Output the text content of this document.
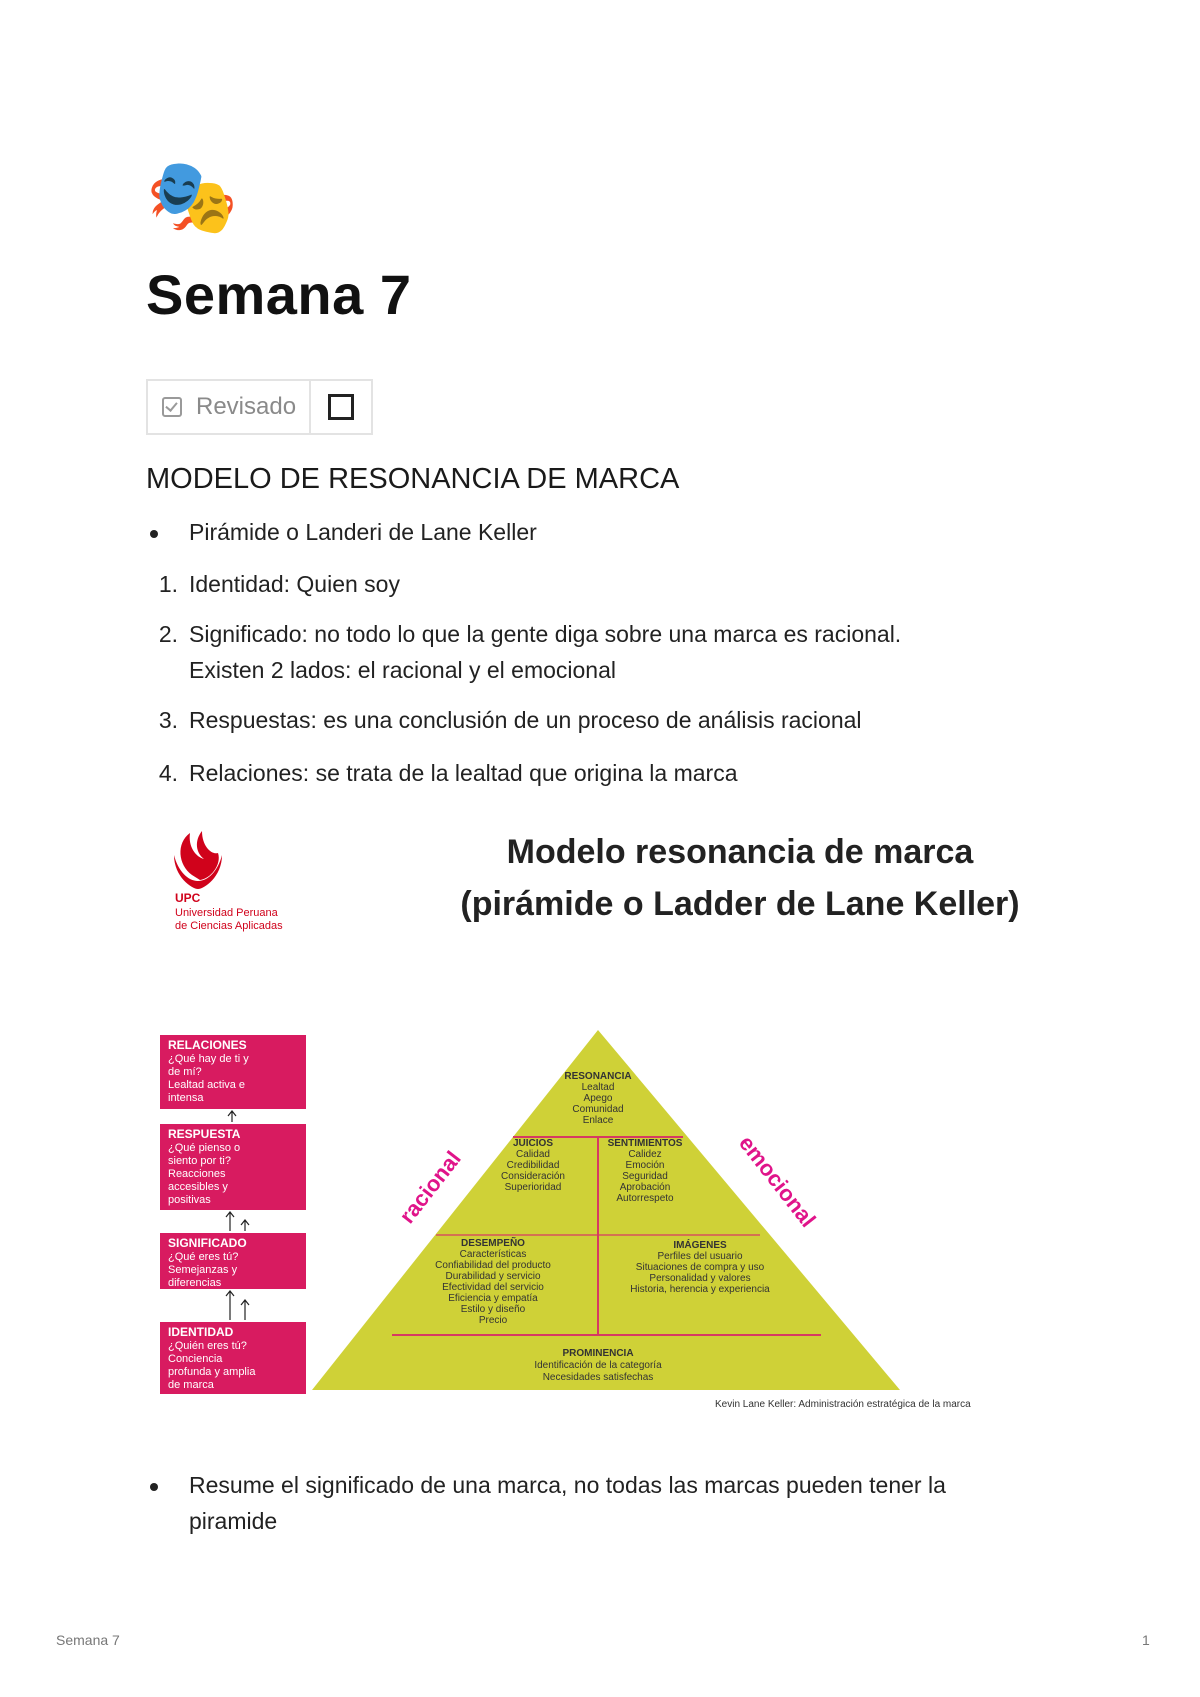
🎭
Semana 7
Revisado
MODELO DE RESONANCIA DE MARCA
Pirámide o Landeri de Lane Keller
1. Identidad: Quien soy
2. Significado: no todo lo que la gente diga sobre una marca es racional.
Existen 2 lados: el racional y el emocional
3. Respuestas: es una conclusión de un proceso de análisis racional
4. Relaciones: se trata de la lealtad que origina la marca
UPC
Universidad Peruana
de Ciencias Aplicadas
Modelo resonancia de marca
(pirámide o Ladder de Lane Keller)
RELACIONES ¿Qué hay de ti y de mí? Lealtad activa e intensa
RESPUESTA ¿Qué pienso o siento por ti? Reacciones accesibles y positivas
SIGNIFICADO ¿Qué eres tú? Semejanzas y diferencias
IDENTIDAD ¿Quién eres tú? Conciencia profunda y amplia de marca
RESONANCIA
Lealtad
Apego
Comunidad
Enlace
JUICIOS
Calidad
Credibilidad
Consideración
Superioridad
SENTIMIENTOS
Calidez
Emoción
Seguridad
Aprobación
Autorrespeto
DESEMPEÑO
Características
Confiabilidad del producto
Durabilidad y servicio
Efectividad del servicio
Eficiencia y empatía
Estilo y diseño
Precio
IMÁGENES
Perfiles del usuario
Situaciones de compra y uso
Personalidad y valores
Historia, herencia y experiencia
PROMINENCIA
Identificación de la categoría
Necesidades satisfechas
racional	emocional
Kevin Lane Keller: Administración estratégica de la marca
Resume el significado de una marca, no todas las marcas pueden tener la
piramide
Semana 7	1
